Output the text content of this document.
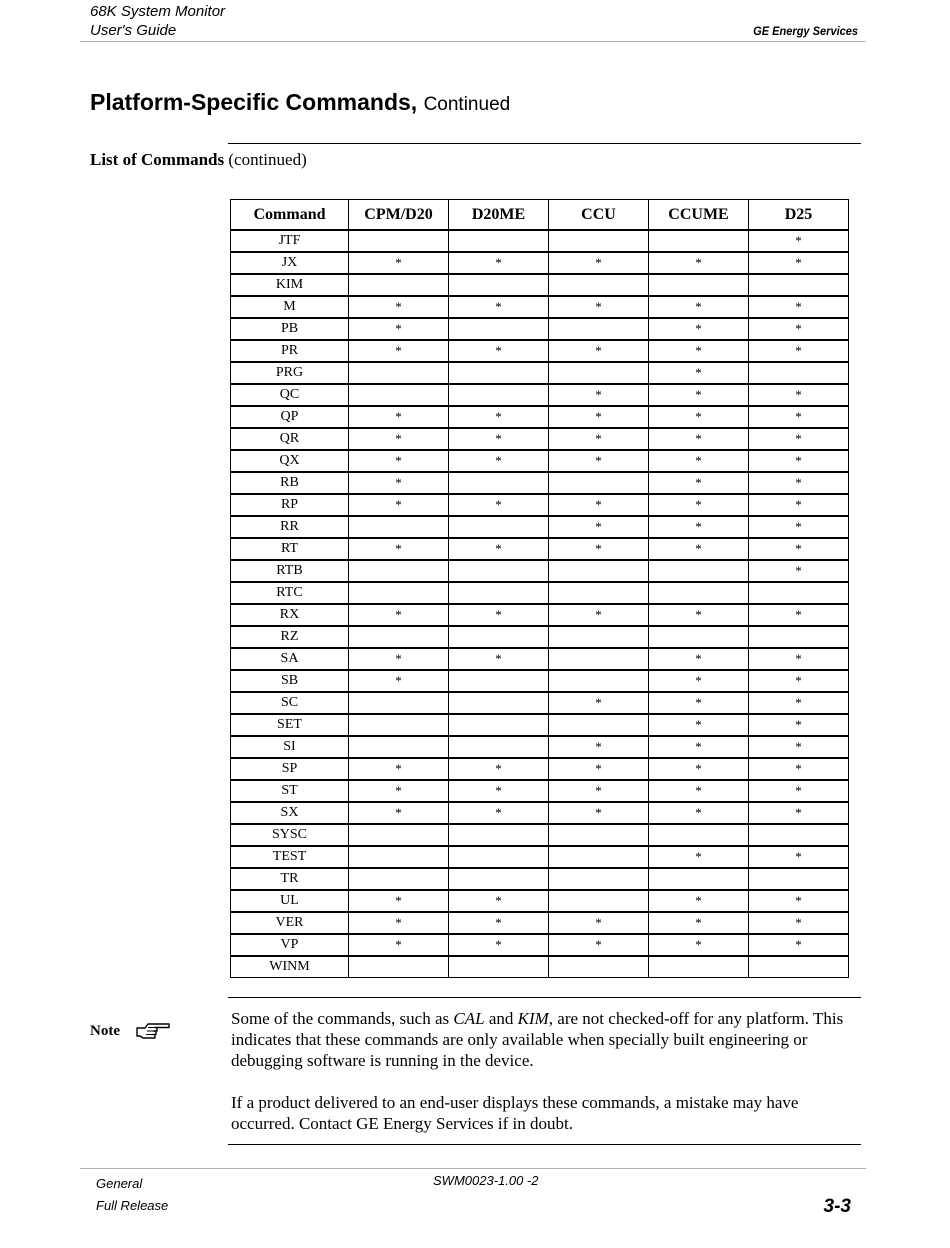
68K System Monitor
User's Guide	GE Energy Services
Platform-Specific Commands, Continued
List of Commands (continued)
Command	CPM/D20	D20ME	CCU	CCUME	D25
JTF					*
JX	*	*	*	*	*
KIM					
M	*	*	*	*	*
PB	*			*	*
PR	*	*	*	*	*
PRG				*	
QC			*	*	*
QP	*	*	*	*	*
QR	*	*	*	*	*
QX	*	*	*	*	*
RB	*			*	*
RP	*	*	*	*	*
RR			*	*	*
RT	*	*	*	*	*
RTB					*
RTC					
RX	*	*	*	*	*
RZ					
SA	*	*		*	*
SB	*			*	*
SC			*	*	*
SET				*	*
SI			*	*	*
SP	*	*	*	*	*
ST	*	*	*	*	*
SX	*	*	*	*	*
SYSC					
TEST				*	*
TR					
UL	*	*		*	*
VER	*	*	*	*	*
VP	*	*	*	*	*
WINM					
Note

Some of the commands, such as CAL and KIM, are not checked-off for any platform. This indicates that these commands are only available when specially built engineering or debugging software is running in the device.

If a product delivered to an end-user displays these commands, a mistake may have occurred. Contact GE Energy Services if in doubt.

General
Full Release
SWM0023-1.00 -2
3-3
